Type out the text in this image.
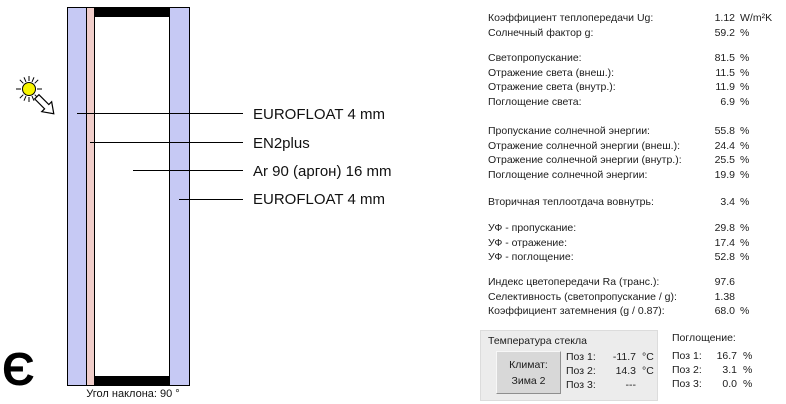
EUROFLOAT 4 mm
EN2plus
Ar 90 (аргон) 16 mm
EUROFLOAT 4 mm
Угол наклона: 90 °
Є
Коэффициент теплопередачи Ug:	1.12 W/m²K
Солнечный фактор g:	59.2 %
Светопропускание:	81.5 %
Отражение света (внеш.):	11.5 %
Отражение света (внутр.):	11.9 %
Поглощение света:	6.9 %
Пропускание солнечной энергии:	55.8 %
Отражение солнечной энергии (внеш.):	24.4 %
Отражение солнечной энергии (внутр.):	25.5 %
Поглощение солнечной энергии:	19.9 %
Вторичная теплоотдача вовнутрь:	3.4 %
УФ - пропускание:	29.8 %
УФ - отражение:	17.4 %
УФ - поглощение:	52.8 %
Индекс цветопередачи Ra (транс.):	97.6
Селективность (светопропускание / g):	1.38
Коэффициент затемнения (g / 0.87):	68.0 %
Температура стекла
Климат:
Зима 2
Поз 1:	-11.7 °C
Поз 2:	14.3 °C
Поз 3:	---
Поглощение:
Поз 1:	16.7 %
Поз 2:	3.1 %
Поз 3:	0.0 %
